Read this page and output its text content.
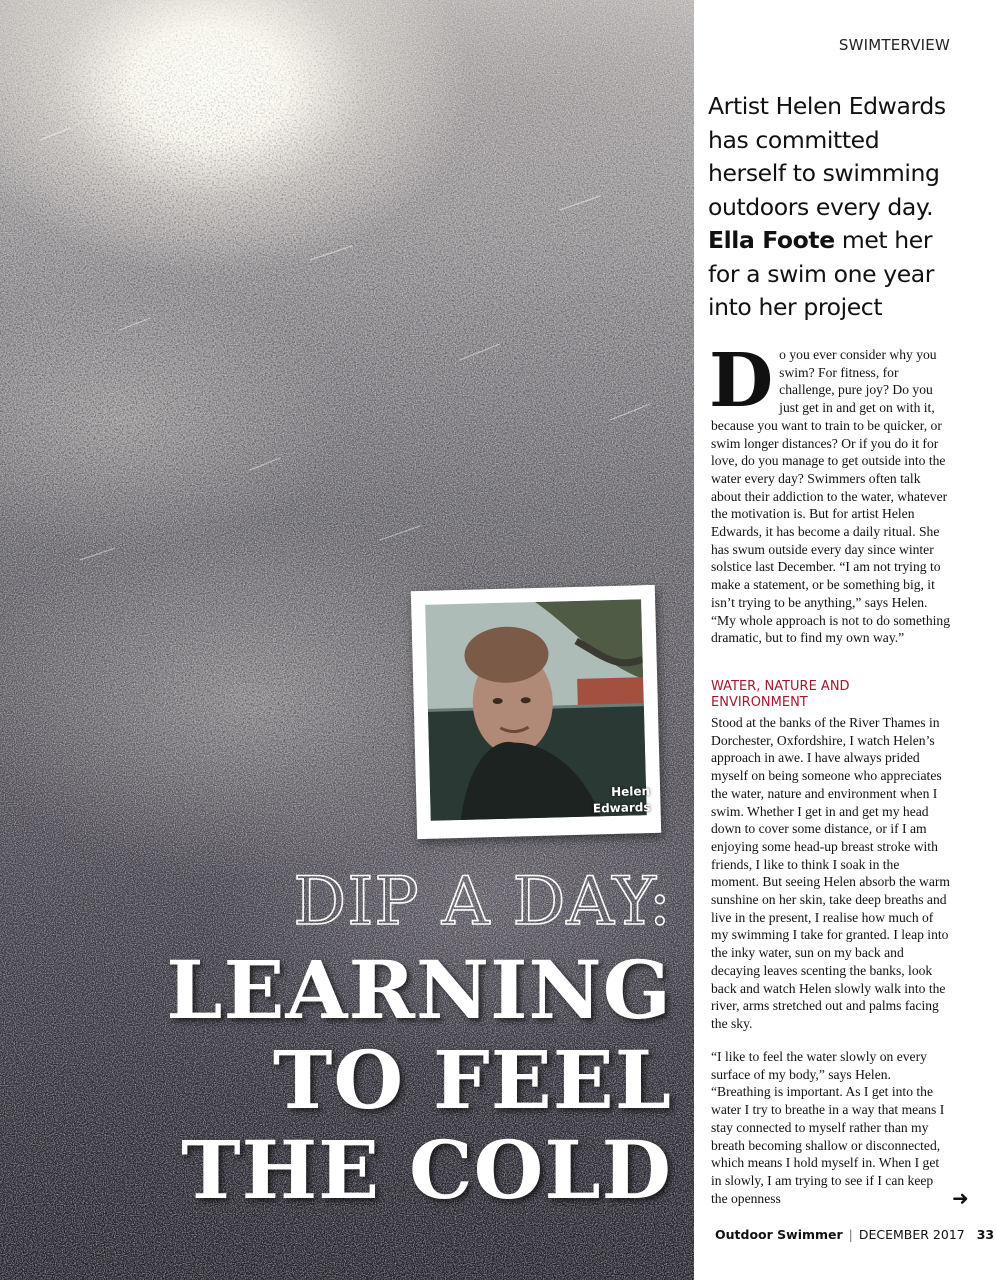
Helen
Edwards
DIP A DAY:
LEARNING
TO FEEL
THE COLD
SWIMTERVIEW

Artist Helen Edwards has committed herself to swimming outdoors every day. Ella Foote met her for a swim one year into her project

Do you ever consider why you swim? For fitness, for challenge, pure joy? Do you just get in and get on with it, because you want to train to be quicker, or swim longer distances? Or if you do it for love, do you manage to get outside into the water every day? Swimmers often talk about their addiction to the water, whatever the motivation is. But for artist Helen Edwards, it has become a daily ritual. She has swum outside every day since winter solstice last December. “I am not trying to make a statement, or be something big, it isn’t trying to be anything,” says Helen. “My whole approach is not to do something dramatic, but to find my own way.”

WATER, NATURE AND ENVIRONMENT

Stood at the banks of the River Thames in Dorchester, Oxfordshire, I watch Helen’s approach in awe. I have always prided myself on being someone who appreciates the water, nature and environment when I swim. Whether I get in and get my head down to cover some distance, or if I am enjoying some head-up breast stroke with friends, I like to think I soak in the moment. But seeing Helen absorb the warm sunshine on her skin, take deep breaths and live in the present, I realise how much of my swimming I take for granted. I leap into the inky water, sun on my back and decaying leaves scenting the banks, look back and watch Helen slowly walk into the river, arms stretched out and palms facing the sky.

“I like to feel the water slowly on every surface of my body,” says Helen. “Breathing is important. As I get into the water I try to breathe in a way that means I stay connected to myself rather than my breath becoming shallow or disconnected, which means I hold myself in. When I get in slowly, I am trying to see if I can keep the openness	➜
Outdoor Swimmer | DECEMBER 2017 33
